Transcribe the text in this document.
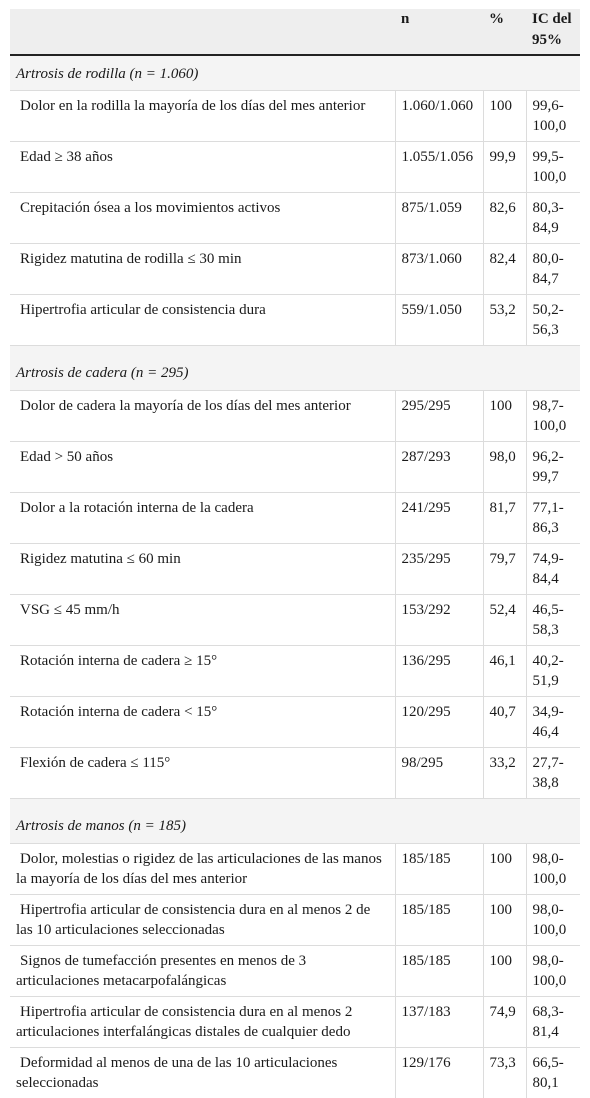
	n	%	IC del 95%
Artrosis de rodilla (n = 1.060)			
Dolor en la rodilla la mayoría de los días del mes anterior	1.060/1.060	100	99,6-100,0
Edad ≥ 38 años	1.055/1.056	99,9	99,5-100,0
Crepitación ósea a los movimientos activos	875/1.059	82,6	80,3-84,9
Rigidez matutina de rodilla ≤ 30 min	873/1.060	82,4	80,0-84,7
Hipertrofia articular de consistencia dura	559/1.050	53,2	50,2-56,3

Artrosis de cadera (n = 295)			
Dolor de cadera la mayoría de los días del mes anterior	295/295	100	98,7-100,0
Edad > 50 años	287/293	98,0	96,2-99,7
Dolor a la rotación interna de la cadera	241/295	81,7	77,1-86,3
Rigidez matutina ≤ 60 min	235/295	79,7	74,9-84,4
VSG ≤ 45 mm/h	153/292	52,4	46,5-58,3
Rotación interna de cadera ≥ 15°	136/295	46,1	40,2-51,9
Rotación interna de cadera < 15°	120/295	40,7	34,9-46,4
Flexión de cadera ≤ 115°	98/295	33,2	27,7-38,8

Artrosis de manos (n = 185)			
Dolor, molestias o rigidez de las articulaciones de las manos la mayoría de los días del mes anterior	185/185	100	98,0-100,0
Hipertrofia articular de consistencia dura en al menos 2 de las 10 articulaciones seleccionadas	185/185	100	98,0-100,0
Signos de tumefacción presentes en menos de 3 articulaciones metacarpofalángicas	185/185	100	98,0-100,0
Hipertrofia articular de consistencia dura en al menos 2 articulaciones interfalángicas distales de cualquier dedo	137/183	74,9	68,3-81,4
Deformidad al menos de una de las 10 articulaciones seleccionadas	129/176	73,3	66,5-80,1
